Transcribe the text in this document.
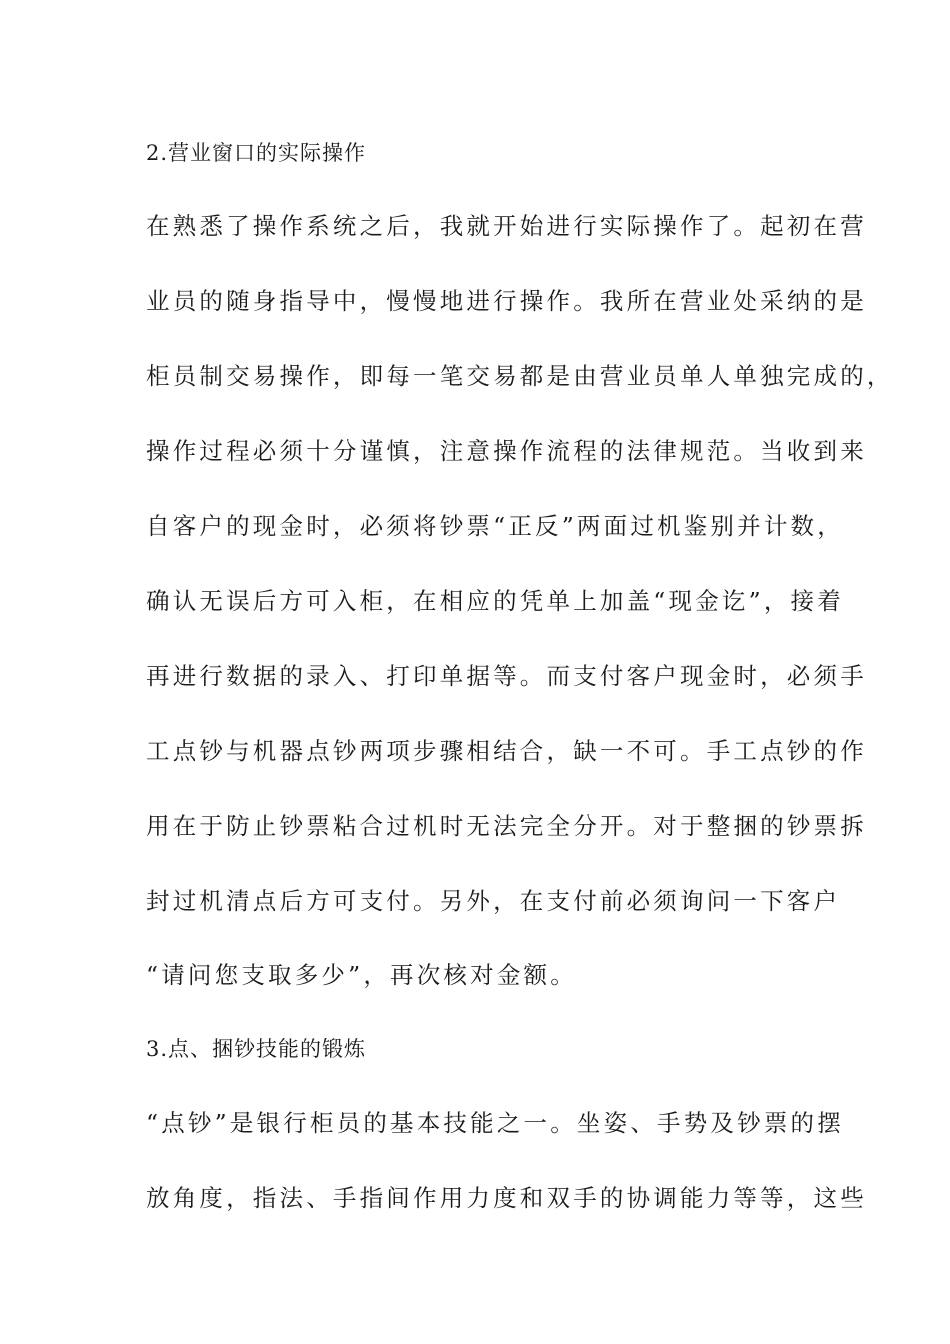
2.营业窗口的实际操作
在熟悉了操作系统之后，我就开始进行实际操作了。起初在营
业员的随身指导中，慢慢地进行操作。我所在营业处采纳的是
柜员制交易操作，即每一笔交易都是由营业员单人单独完成的，
操作过程必须十分谨慎，注意操作流程的法律规范。当收到来
自客户的现金时，必须将钞票“正反”两面过机鉴别并计数，
确认无误后方可入柜，在相应的凭单上加盖“现金讫”，接着
再进行数据的录入、打印单据等。而支付客户现金时，必须手
工点钞与机器点钞两项步骤相结合，缺一不可。手工点钞的作
用在于防止钞票粘合过机时无法完全分开。对于整捆的钞票拆
封过机清点后方可支付。另外，在支付前必须询问一下客户
“请问您支取多少”，再次核对金额。
3.点、捆钞技能的锻炼
“点钞”是银行柜员的基本技能之一。坐姿、手势及钞票的摆
放角度，指法、手指间作用力度和双手的协调能力等等，这些
